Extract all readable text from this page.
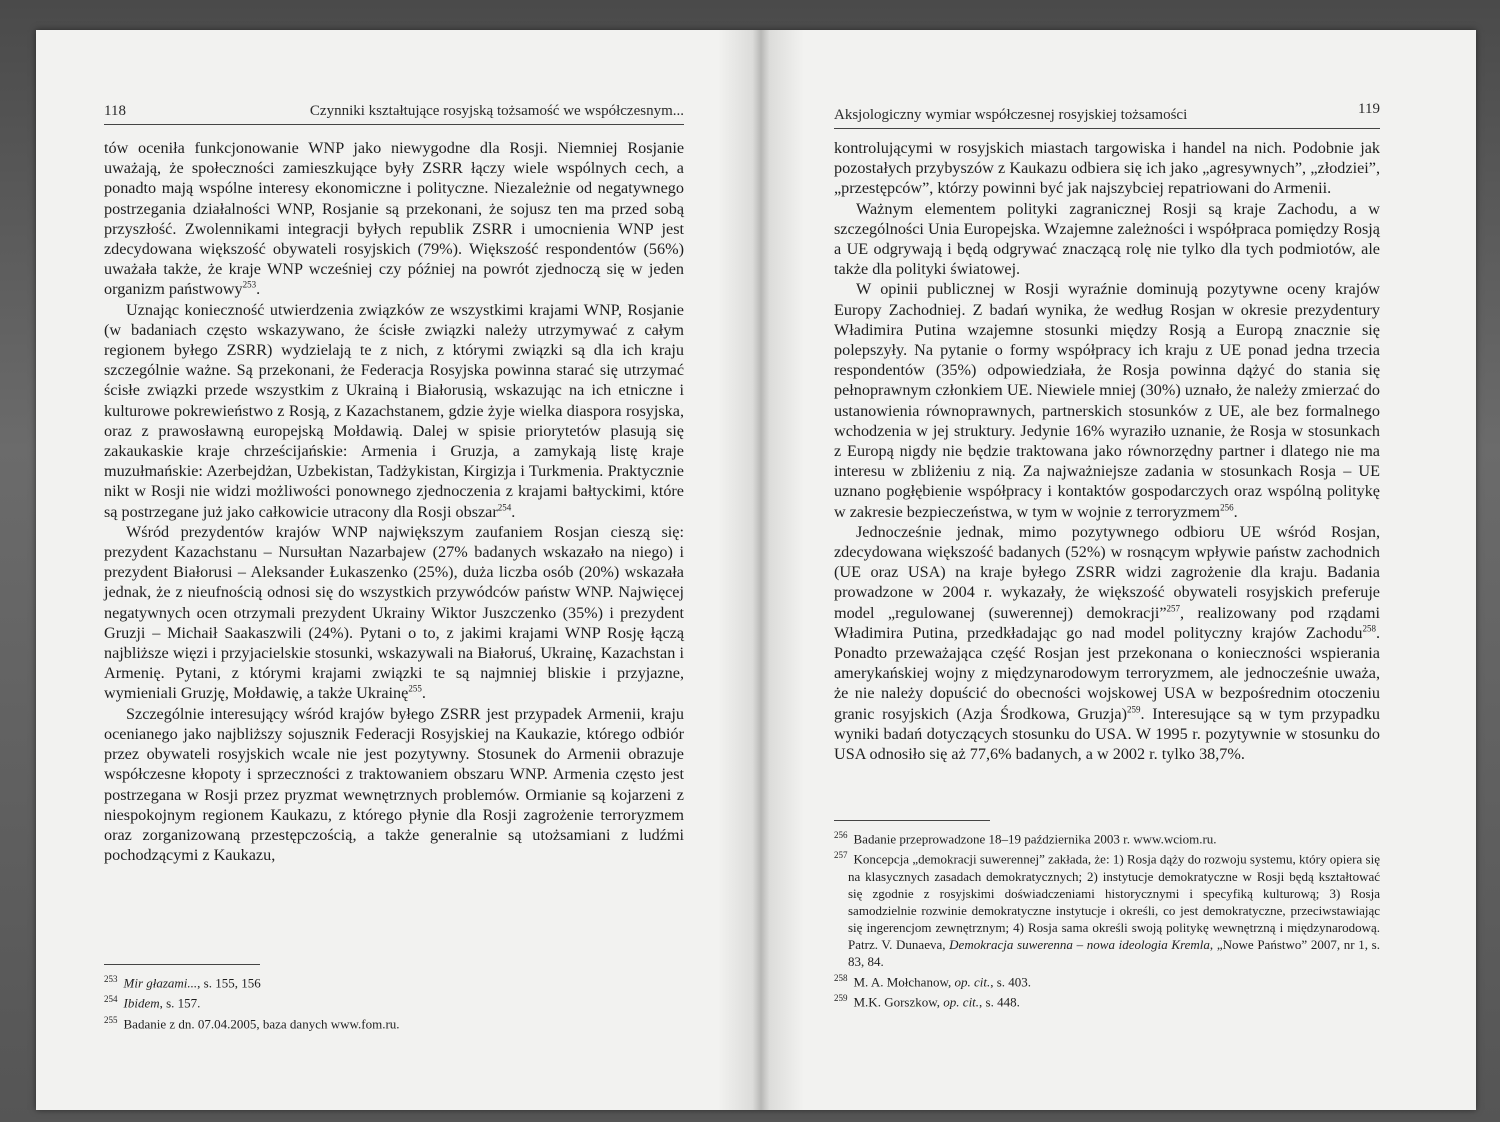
118	Czynniki kształtujące rosyjską tożsamość we współczesnym...

tów oceniła funkcjonowanie WNP jako niewygodne dla Rosji. Niemniej Rosjanie uważają, że społeczności zamieszkujące były ZSRR łączy wiele wspólnych cech, a ponadto mają wspólne interesy ekonomiczne i polityczne. Niezależnie od negatywnego postrzegania działalności WNP, Rosjanie są przekonani, że sojusz ten ma przed sobą przyszłość. Zwolennikami integracji byłych republik ZSRR i umocnienia WNP jest zdecydowana większość obywateli rosyjskich (79%). Większość respondentów (56%) uważała także, że kraje WNP wcześniej czy później na powrót zjednoczą się w jeden organizm państwowy$^{253}$.

Uznając konieczność utwierdzenia związków ze wszystkimi krajami WNP, Rosjanie (w badaniach często wskazywano, że ścisłe związki należy utrzymywać z całym regionem byłego ZSRR) wydzielają te z nich, z którymi związki są dla ich kraju szczególnie ważne. Są przekonani, że Federacja Rosyjska powinna starać się utrzymać ścisłe związki przede wszystkim z Ukrainą i Białorusią, wskazując na ich etniczne i kulturowe pokrewieństwo z Rosją, z Kazachstanem, gdzie żyje wielka diaspora rosyjska, oraz z prawosławną europejską Mołdawią. Dalej w spisie priorytetów plasują się zakaukaskie kraje chrześcijańskie: Armenia i Gruzja, a zamykają listę kraje muzułmańskie: Azerbejdżan, Uzbekistan, Tadżykistan, Kirgizja i Turkmenia. Praktycznie nikt w Rosji nie widzi możliwości ponownego zjednoczenia z krajami bałtyckimi, które są postrzegane już jako całkowicie utracony dla Rosji obszar$^{254}$.

Wśród prezydentów krajów WNP największym zaufaniem Rosjan cieszą się: prezydent Kazachstanu – Nursułtan Nazarbajew (27% badanych wskazało na niego) i prezydent Białorusi – Aleksander Łukaszenko (25%), duża liczba osób (20%) wskazała jednak, że z nieufnością odnosi się do wszystkich przywódców państw WNP. Najwięcej negatywnych ocen otrzymali prezydent Ukrainy Wiktor Juszczenko (35%) i prezydent Gruzji – Michaił Saakaszwili (24%). Pytani o to, z jakimi krajami WNP Rosję łączą najbliższe więzi i przyjacielskie stosunki, wskazywali na Białoruś, Ukrainę, Kazachstan i Armenię. Pytani, z którymi krajami związki te są najmniej bliskie i przyjazne, wymieniali Gruzję, Mołdawię, a także Ukrainę$^{255}$.

Szczególnie interesujący wśród krajów byłego ZSRR jest przypadek Armenii, kraju ocenianego jako najbliższy sojusznik Federacji Rosyjskiej na Kaukazie, którego odbiór przez obywateli rosyjskich wcale nie jest pozytywny. Stosunek do Armenii obrazuje współczesne kłopoty i sprzeczności z traktowaniem obszaru WNP. Armenia często jest postrzegana w Rosji przez pryzmat wewnętrznych problemów. Ormianie są kojarzeni z niespokojnym regionem Kaukazu, z którego płynie dla Rosji zagrożenie terroryzmem oraz zorganizowaną przestępczością, a także generalnie są utożsamiani z ludźmi pochodzącymi z Kaukazu,

$^{253}$ Mir głazami..., s. 155, 156
$^{254}$ Ibidem, s. 157.
$^{255}$ Badanie z dn. 07.04.2005, baza danych www.fom.ru.
Aksjologiczny wymiar współczesnej rosyjskiej tożsamości	119

kontrolującymi w rosyjskich miastach targowiska i handel na nich. Podobnie jak pozostałych przybyszów z Kaukazu odbiera się ich jako „agresywnych”, „złodziei”, „przestępców”, którzy powinni być jak najszybciej repatriowani do Armenii.

Ważnym elementem polityki zagranicznej Rosji są kraje Zachodu, a w szczególności Unia Europejska. Wzajemne zależności i współpraca pomiędzy Rosją a UE odgrywają i będą odgrywać znaczącą rolę nie tylko dla tych podmiotów, ale także dla polityki światowej.

W opinii publicznej w Rosji wyraźnie dominują pozytywne oceny krajów Europy Zachodniej. Z badań wynika, że według Rosjan w okresie prezydentury Władimira Putina wzajemne stosunki między Rosją a Europą znacznie się polepszyły. Na pytanie o formy współpracy ich kraju z UE ponad jedna trzecia respondentów (35%) odpowiedziała, że Rosja powinna dążyć do stania się pełnoprawnym członkiem UE. Niewiele mniej (30%) uznało, że należy zmierzać do ustanowienia równoprawnych, partnerskich stosunków z UE, ale bez formalnego wchodzenia w jej struktury. Jedynie 16% wyraziło uznanie, że Rosja w stosunkach z Europą nigdy nie będzie traktowana jako równorzędny partner i dlatego nie ma interesu w zbliżeniu z nią. Za najważniejsze zadania w stosunkach Rosja – UE uznano pogłębienie współpracy i kontaktów gospodarczych oraz wspólną politykę w zakresie bezpieczeństwa, w tym w wojnie z terroryzmem$^{256}$.

Jednocześnie jednak, mimo pozytywnego odbioru UE wśród Rosjan, zdecydowana większość badanych (52%) w rosnącym wpływie państw zachodnich (UE oraz USA) na kraje byłego ZSRR widzi zagrożenie dla kraju. Badania prowadzone w 2004 r. wykazały, że większość obywateli rosyjskich preferuje model „regulowanej (suwerennej) demokracji”$^{257}$, realizowany pod rządami Władimira Putina, przedkładając go nad model polityczny krajów Zachodu$^{258}$. Ponadto przeważająca część Rosjan jest przekonana o konieczności wspierania amerykańskiej wojny z międzynarodowym terroryzmem, ale jednocześnie uważa, że nie należy dopuścić do obecności wojskowej USA w bezpośrednim otoczeniu granic rosyjskich (Azja Środkowa, Gruzja)$^{259}$. Interesujące są w tym przypadku wyniki badań dotyczących stosunku do USA. W 1995 r. pozytywnie w stosunku do USA odnosiło się aż 77,6% badanych, a w 2002 r. tylko 38,7%.

$^{256}$ Badanie przeprowadzone 18–19 października 2003 r. www.wciom.ru.
$^{257}$ Koncepcja „demokracji suwerennej” zakłada, że: 1) Rosja dąży do rozwoju systemu, który opiera się na klasycznych zasadach demokratycznych; 2) instytucje demokratyczne w Rosji będą kształtować się zgodnie z rosyjskimi doświadczeniami historycznymi i specyfiką kulturową; 3) Rosja samodzielnie rozwinie demokratyczne instytucje i określi, co jest demokratyczne, przeciwstawiając się ingerencjom zewnętrznym; 4) Rosja sama określi swoją politykę wewnętrzną i międzynarodową. Patrz. V. Dunaeva, Demokracja suwerenna – nowa ideologia Kremla, „Nowe Państwo” 2007, nr 1, s. 83, 84.
$^{258}$ M. A. Mołchanow, op. cit., s. 403.
$^{259}$ M.K. Gorszkow, op. cit., s. 448.
